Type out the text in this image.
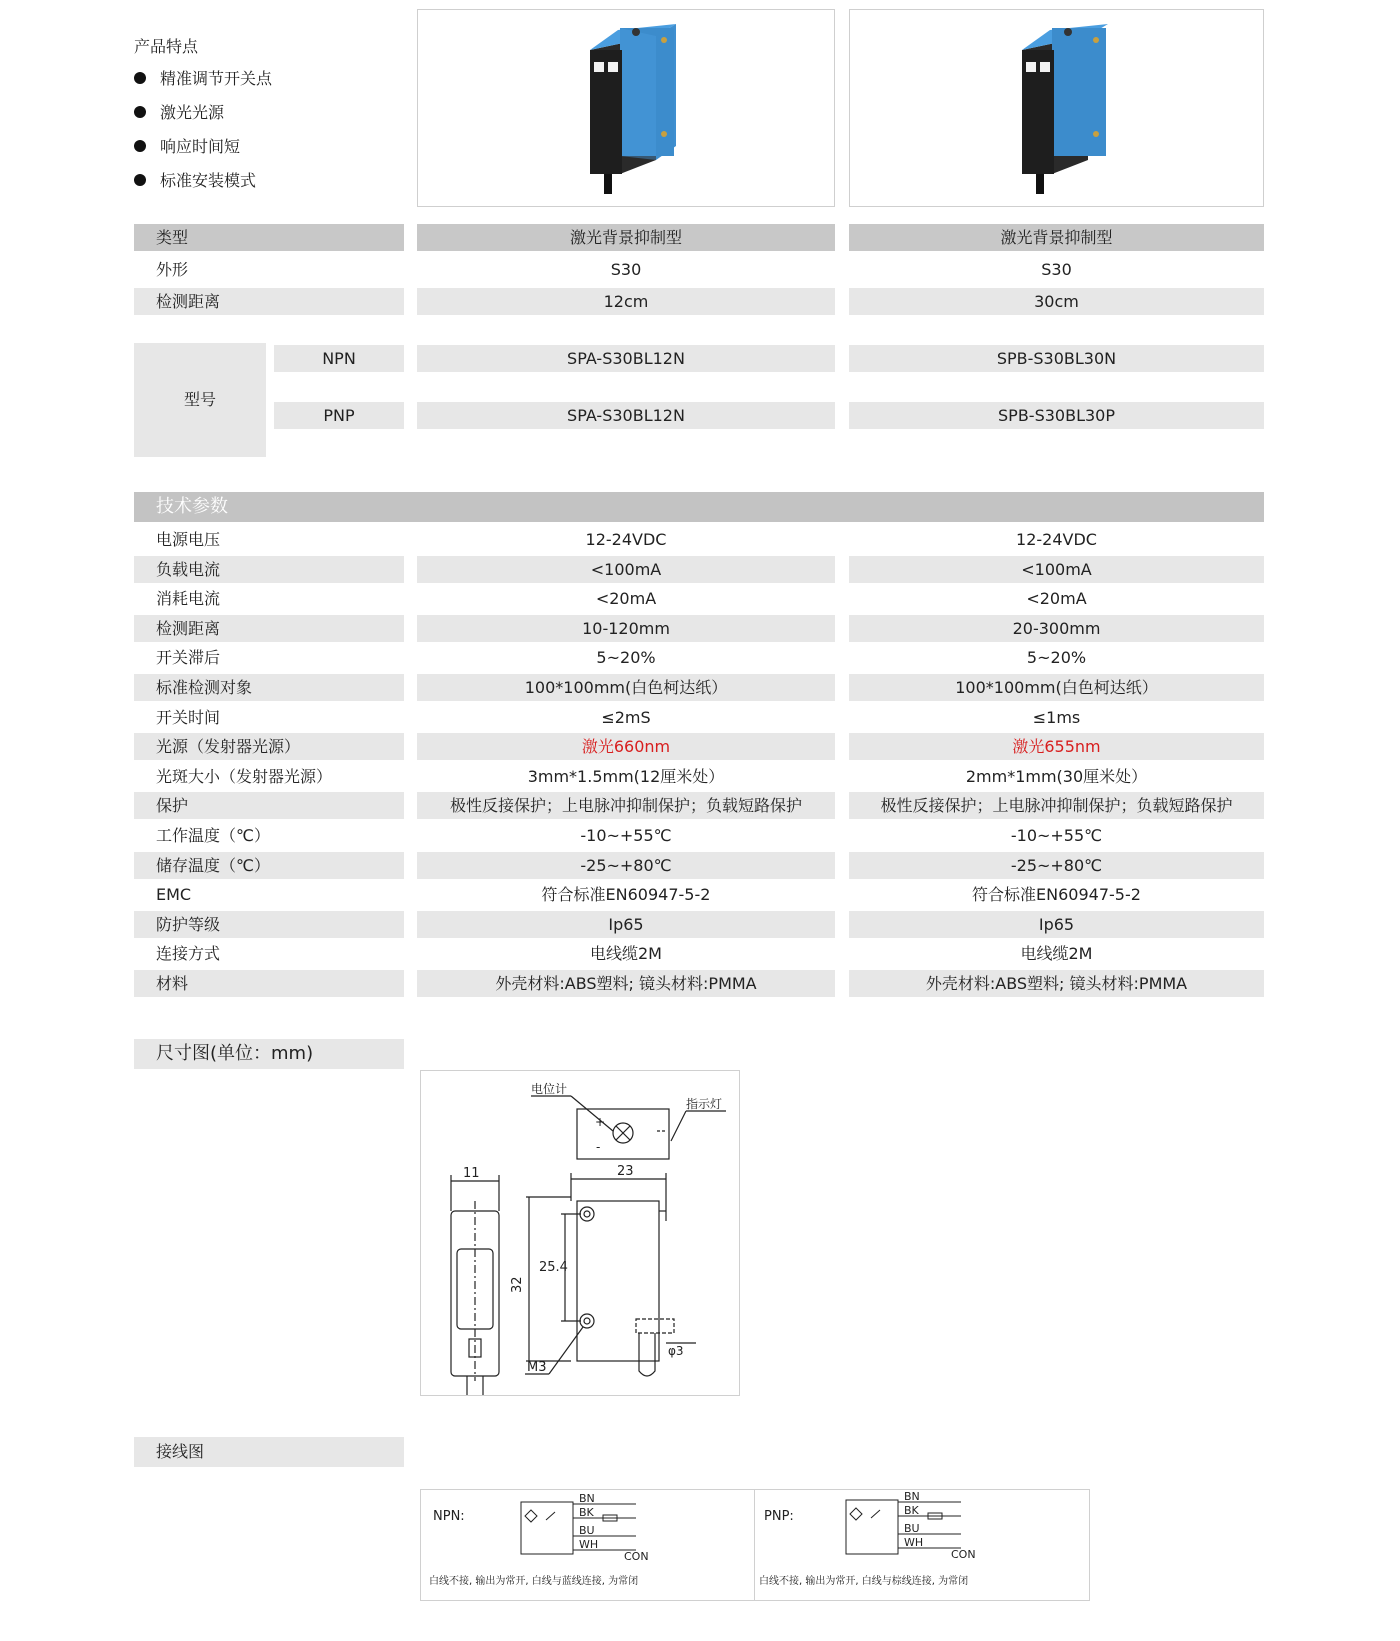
产品特点
精准调节开关点
激光光源
响应时间短
标准安装模式
类型	激光背景抑制型	激光背景抑制型
外形	S30	S30
检测距离	12cm	30cm
型号
NPN	SPA-S30BL12N	SPB-S30BL30N
PNP	SPA-S30BL12N	SPB-S30BL30P
技术参数
电源电压	12-24VDC	12-24VDC
负载电流	<100mA	<100mA
消耗电流	<20mA	<20mA
检测距离	10-120mm	20-300mm
开关滞后	5~20%	5~20%
标准检测对象	100*100mm(白色柯达纸）	100*100mm(白色柯达纸）
开关时间	≤2mS	≤1ms
光源（发射器光源）	激光660nm	激光655nm
光斑大小（发射器光源）	3mm*1.5mm(12厘米处）	2mm*1mm(30厘米处）
保护	极性反接保护；上电脉冲抑制保护；负载短路保护	极性反接保护；上电脉冲抑制保护；负载短路保护
工作温度（℃）	-10~+55℃	-10~+55℃
储存温度（℃）	-25~+80℃	-25~+80℃
EMC	符合标准EN60947-5-2	符合标准EN60947-5-2
防护等级	Ip65	Ip65
连接方式	电线缆2M	电线缆2M
材料	外壳材料:ABS塑料; 镜头材料:PMMA	外壳材料:ABS塑料; 镜头材料:PMMA
尺寸图(单位：mm)
电位计
指示灯
+
-
11	23
32
25.4
φ3
M3
接线图
NPN:
BN
BK
BU
WH
CON
白线不接, 输出为常开, 白线与蓝线连接, 为常闭
PNP:
BN
BK
BU
WH
CON
白线不接, 输出为常开, 白线与棕线连接, 为常闭
